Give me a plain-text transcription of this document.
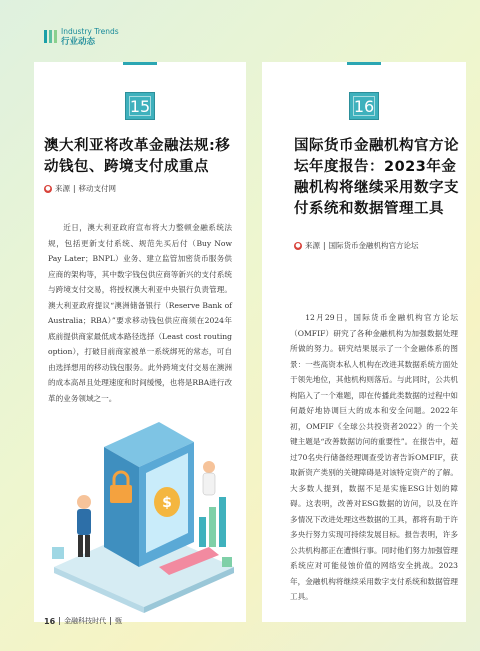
Industry Trends
行业动态
15
澳大利亚将改革金融法规:移动钱包、跨境支付成重点
● 来源 | 移动支付网
近日，澳大利亚政府宣布将大力整顿金融系统法规，包括更新支付系统、规范先买后付（Buy Now Pay Later；BNPL）业务、建立监管加密货币服务供应商的架构等，其中数字钱包供应商等新兴的支付系统与跨境支付交易，将授权澳大利亚中央银行负责管理。澳大利亚政府提议“澳洲储备银行（Reserve Bank of Australia；RBA）”要求移动钱包供应商须在2024年底前提供商家最低成本路径选择（Least cost routing option），打破目前商家被单一系统绑死的常态，可自由选择想用的移动钱包服务。此外跨境支付交易在澳洲的成本高昂且处理速度和时间缓慢，也将是RBA进行改革的业务领域之一。
$
16
国际货币金融机构官方论坛年度报告：2023年金融机构将继续采用数字支付系统和数据管理工具
● 来源 | 国际货币金融机构官方论坛
12月29日，国际货币金融机构官方论坛（OMFIF）研究了各种金融机构为加强数据处理所做的努力。研究结果展示了一个金融体系的图景：一些高资本私人机构在改进其数据系统方面处于领先地位，其他机构则落后。与此同时，公共机构陷入了一个难题，即在传播此类数据的过程中如何最好地协调巨大的成本和安全问题。2022年初，OMFIF《全球公共投资者2022》的一个关键主题是“改善数据访问的重要性”。在报告中，超过70名央行储备经理调查受访者告诉OMFIF，获取新资产类别的关键障碍是对该特定资产的了解。大多数人提到，数据不足是实施ESG计划的障碍。这表明，改善对ESG数据的访问，以及在许多情况下改进处理这些数据的工具，都将有助于许多央行努力实现可持续发展目标。报告表明，许多公共机构都正在遭惧行事。同时他们努力加强管理系统应对可能侵蚀价值的网络安全挑战。2023年，金融机构将继续采用数字支付系统和数据管理工具。
16 金融科技时代 甄
